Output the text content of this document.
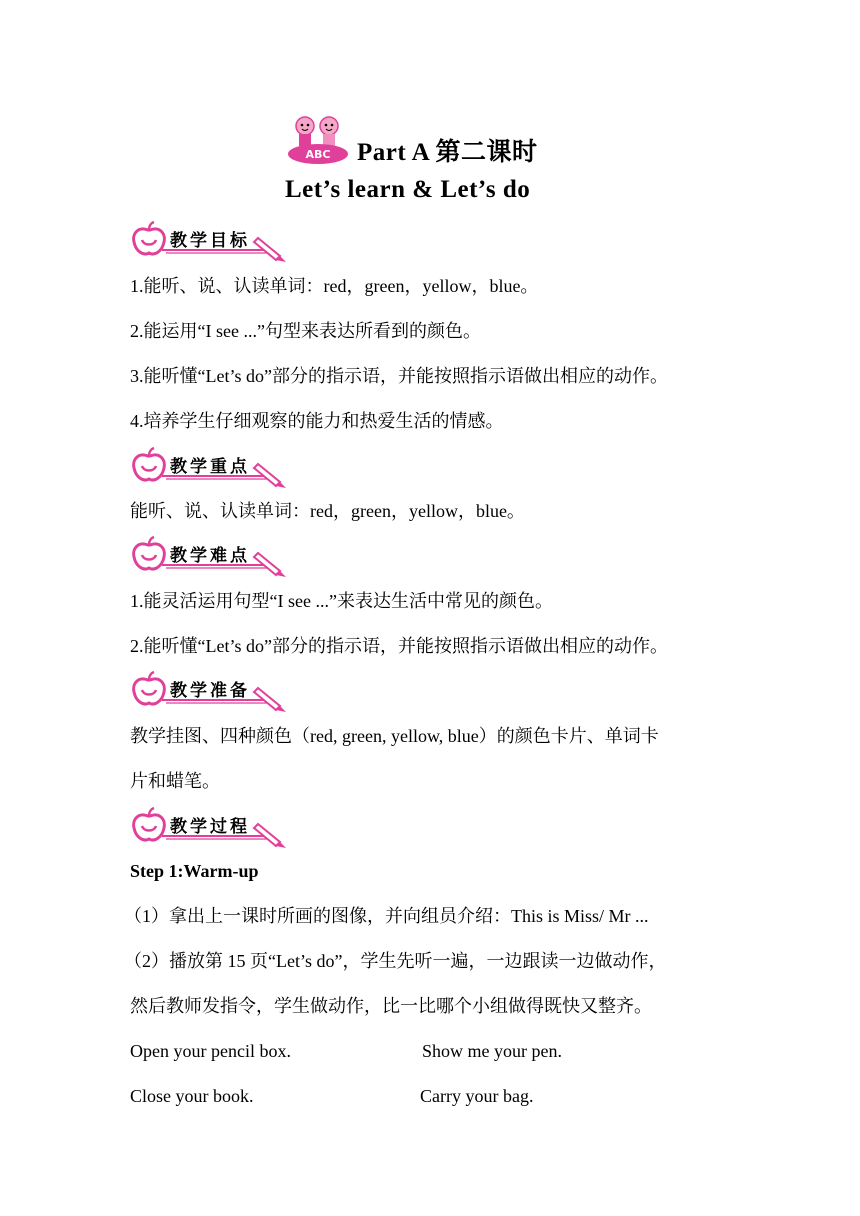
ABC Part A 第二课时
Let’s learn & Let’s do
教学目标
1.能听、说、认读单词：red，green，yellow，blue。
2.能运用“I see ...”句型来表达所看到的颜色。
3.能听懂“Let’s do”部分的指示语，并能按照指示语做出相应的动作。
4.培养学生仔细观察的能力和热爱生活的情感。
教学重点
能听、说、认读单词：red，green，yellow，blue。
教学难点
1.能灵活运用句型“I see ...”来表达生活中常见的颜色。
2.能听懂“Let’s do”部分的指示语，并能按照指示语做出相应的动作。
教学准备
教学挂图、四种颜色（red, green, yellow, blue）的颜色卡片、单词卡
片和蜡笔。
教学过程
Step 1:Warm-up
（1）拿出上一课时所画的图像，并向组员介绍：This is Miss/ Mr ...
（2）播放第 15 页“Let’s do”，学生先听一遍，一边跟读一边做动作，
然后教师发指令，学生做动作，比一比哪个小组做得既快又整齐。
Open your pencil box.	Show me your pen.
Close your book.	Carry your bag.
